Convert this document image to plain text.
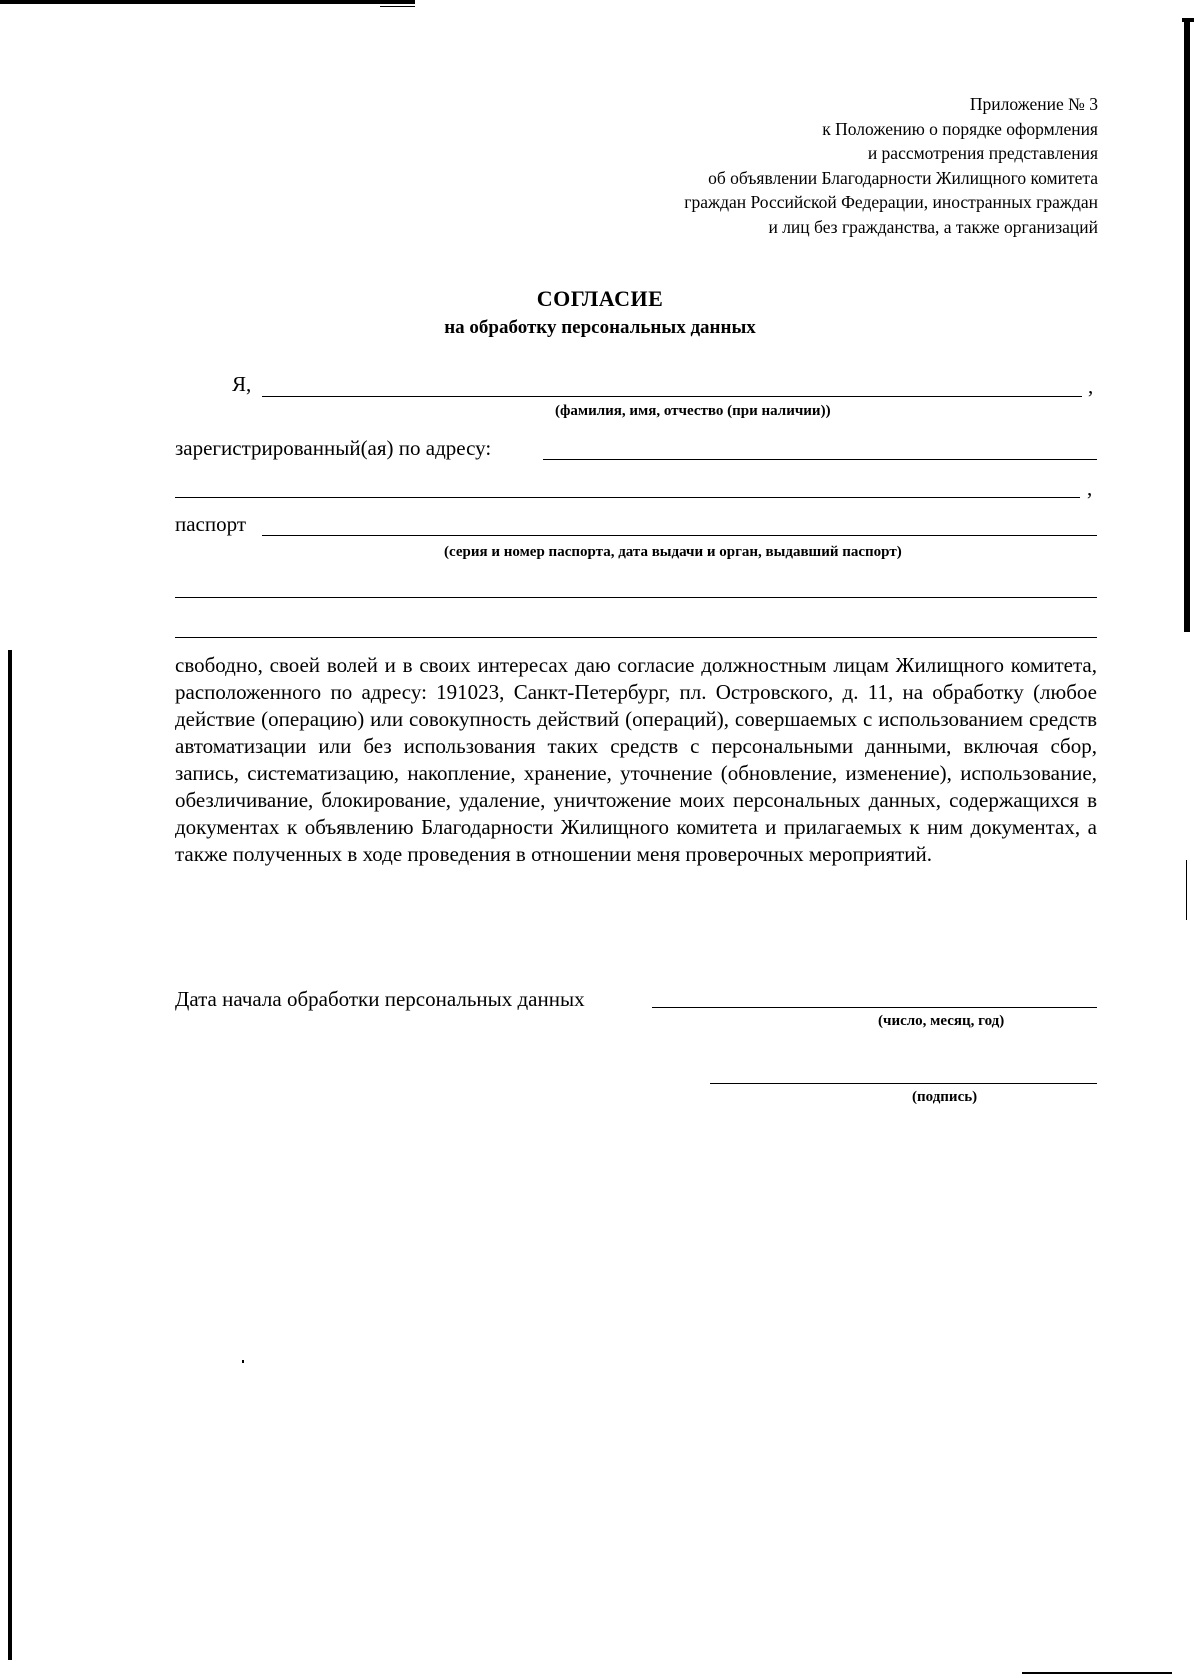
Приложение № 3
к Положению о порядке оформления
и рассмотрения представления
об объявлении Благодарности Жилищного комитета
граждан Российской Федерации, иностранных граждан
и лиц без гражданства, а также организаций
СОГЛАСИЕ
на обработку персональных данных
Я,	,
(фамилия, имя, отчество (при наличии))
зарегистрированный(ая) по адресу:
,
паспорт
(серия и номер паспорта, дата выдачи и орган, выдавший паспорт)

свободно, своей волей и в своих интересах даю согласие должностным лицам Жилищного комитета, расположенного по адресу: 191023, Санкт-Петербург, пл. Островского, д. 11, на обработку (любое действие (операцию) или совокупность действий (операций), совершаемых с использованием средств автоматизации или без использования таких средств с персональными данными, включая сбор, запись, систематизацию, накопление, хранение, уточнение (обновление, изменение), использование, обезличивание, блокирование, удаление, уничтожение моих персональных данных, содержащихся в документах к объявлению Благодарности Жилищного комитета и прилагаемых к ним документах, а также полученных в ходе проведения в отношении меня проверочных мероприятий.

Дата начала обработки персональных данных
(число, месяц, год)
(подпись)
